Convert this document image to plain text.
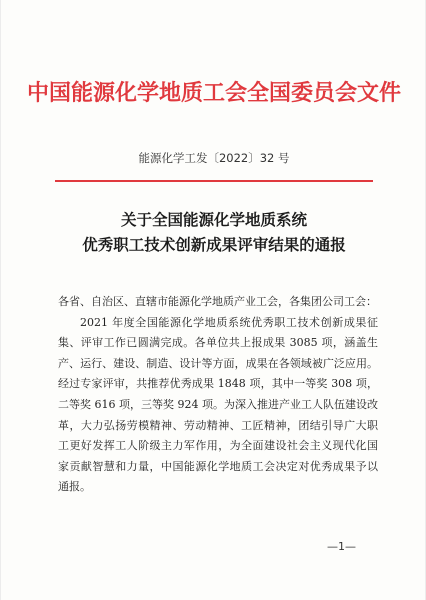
中国能源化学地质工会全国委员会文件
能源化学工发〔2022〕32 号
关于全国能源化学地质系统
优秀职工技术创新成果评审结果的通报
各省、自治区、直辖市能源化学地质产业工会，各集团公司工会：
2021 年度全国能源化学地质系统优秀职工技术创新成果征
集、评审工作已圆满完成。各单位共上报成果 3085 项，涵盖生
产、运行、建设、制造、设计等方面，成果在各领域被广泛应用。
经过专家评审，共推荐优秀成果 1848 项，其中一等奖 308 项，
二等奖 616 项，三等奖 924 项。为深入推进产业工人队伍建设改
革，大力弘扬劳模精神、劳动精神、工匠精神，团结引导广大职
工更好发挥工人阶级主力军作用，为全面建设社会主义现代化国
家贡献智慧和力量，中国能源化学地质工会决定对优秀成果予以
通报。
—1—
